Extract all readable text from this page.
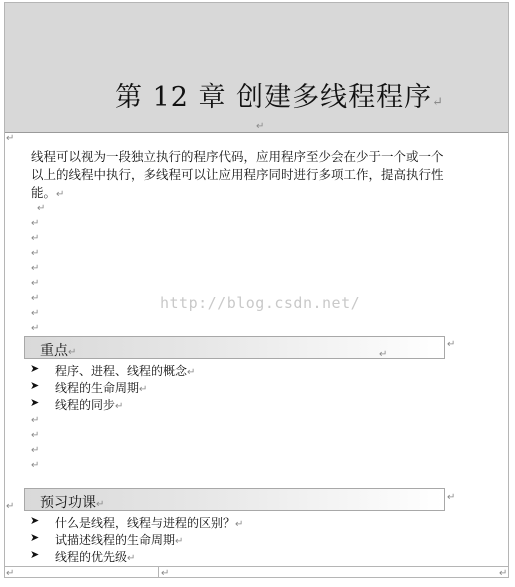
第 12 章 创建多线程程序↵
↵
↵
线程可以视为一段独立执行的程序代码，应用程序至少会在少于一个或一个
以上的线程中执行，多线程可以让应用程序同时进行多项工作，提高执行性
能。↵
↵
↵
↵
↵
↵
↵
↵
↵
↵
http://blog.csdn.net/
重点↵	↵
↵
➤ 程序、进程、线程的概念↵
➤ 线程的生命周期↵
➤ 线程的同步↵
↵
↵
↵
↵
预习功课↵
↵
↵
➤ 什么是线程，线程与进程的区别？↵
➤ 试描述线程的生命周期↵
➤ 线程的优先级↵
↵	↵	↵
